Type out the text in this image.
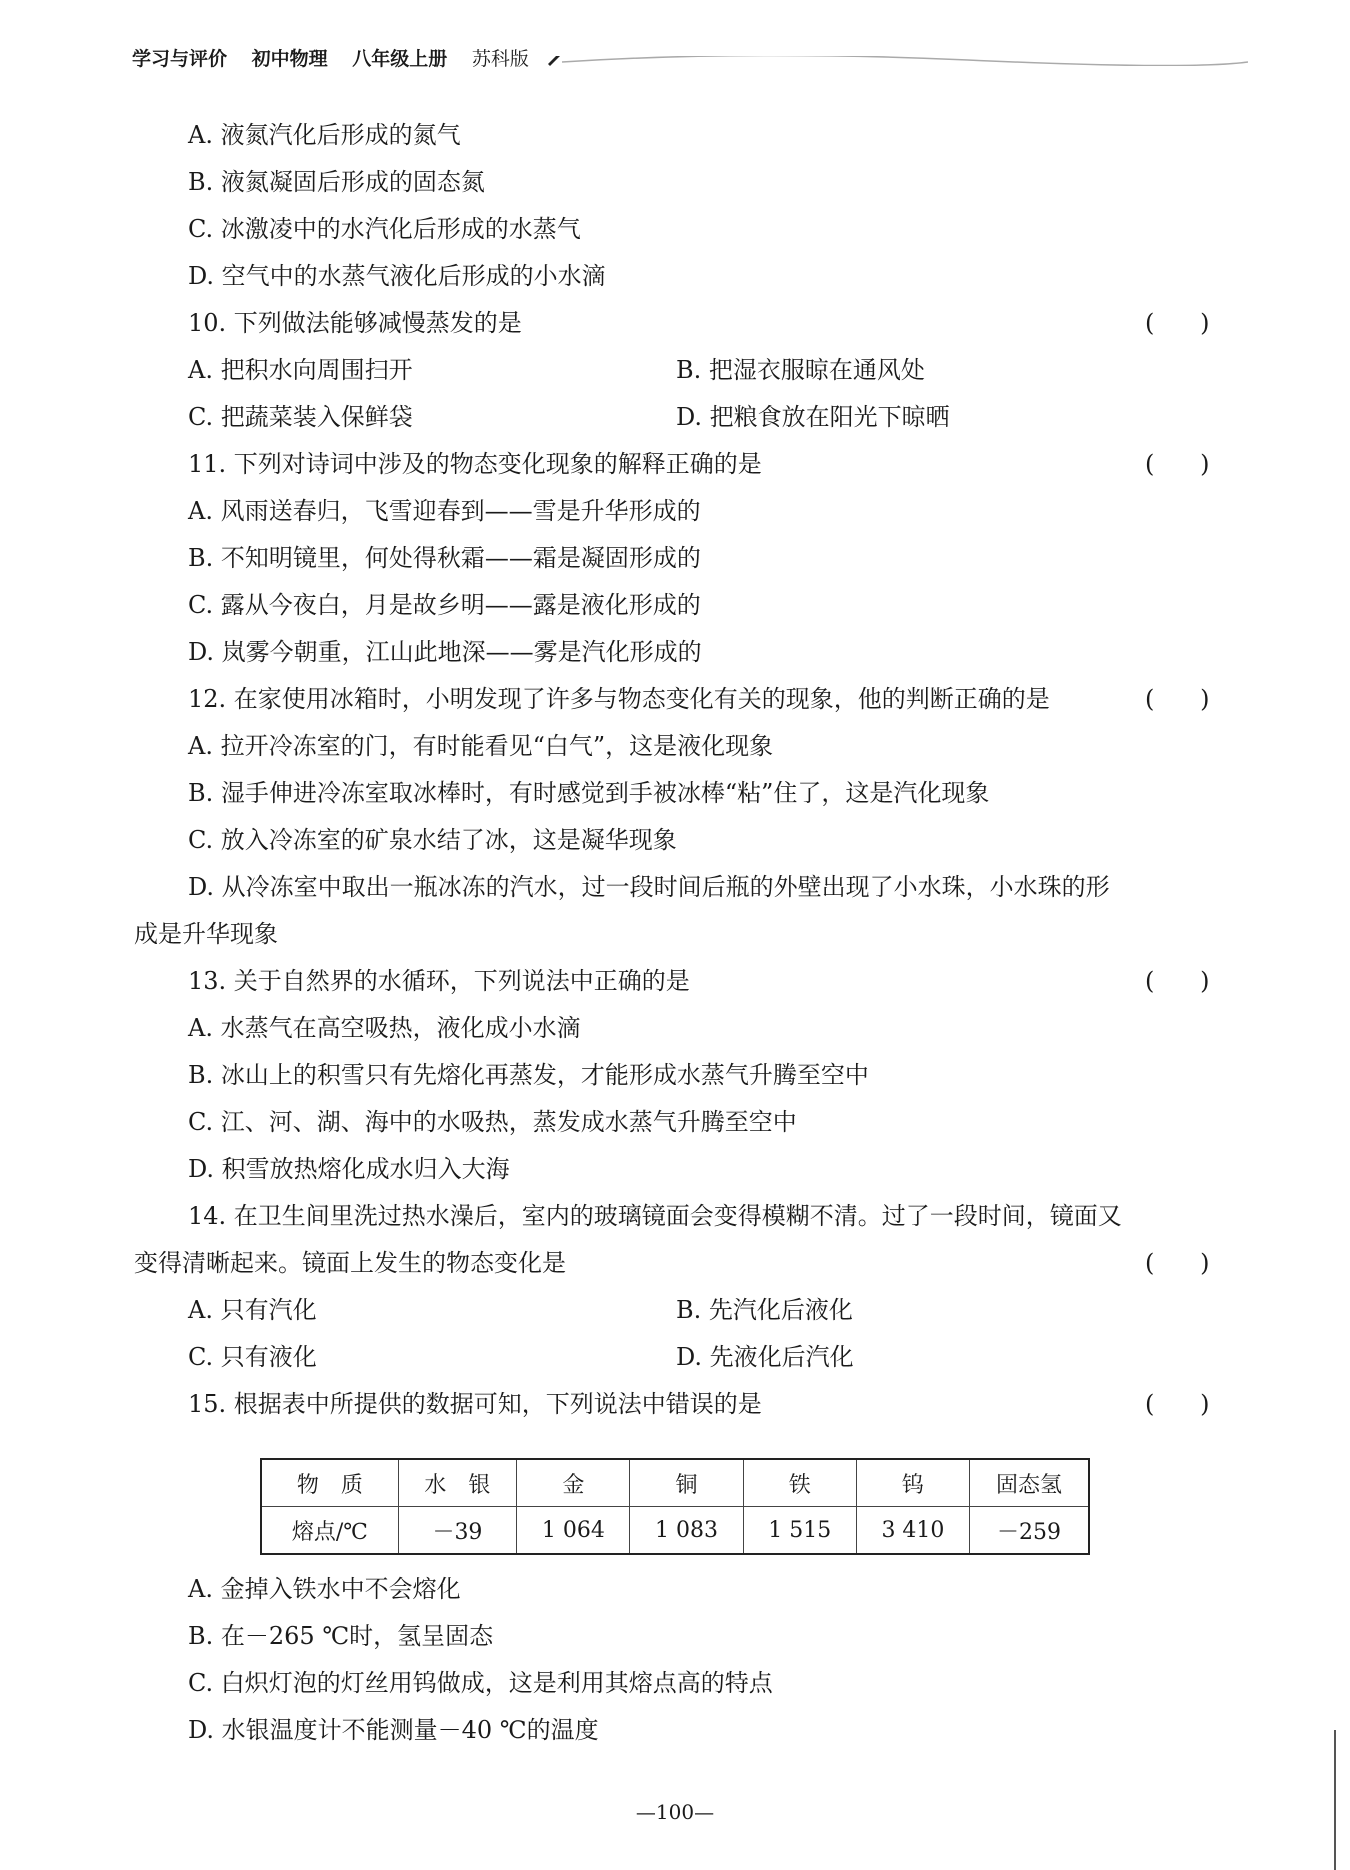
学习与评价 初中物理 八年级上册 苏科版
A. 液氮汽化后形成的氮气
B. 液氮凝固后形成的固态氮
C. 冰激凌中的水汽化后形成的水蒸气
D. 空气中的水蒸气液化后形成的小水滴
10. 下列做法能够减慢蒸发的是	(      )
A. 把积水向周围扫开	B. 把湿衣服晾在通风处
C. 把蔬菜装入保鲜袋	D. 把粮食放在阳光下晾晒
11. 下列对诗词中涉及的物态变化现象的解释正确的是	(      )
A. 风雨送春归，飞雪迎春到——雪是升华形成的
B. 不知明镜里，何处得秋霜——霜是凝固形成的
C. 露从今夜白，月是故乡明——露是液化形成的
D. 岚雾今朝重，江山此地深——雾是汽化形成的
12. 在家使用冰箱时，小明发现了许多与物态变化有关的现象，他的判断正确的是	(      )
A. 拉开冷冻室的门，有时能看见“白气”，这是液化现象
B. 湿手伸进冷冻室取冰棒时，有时感觉到手被冰棒“粘”住了，这是汽化现象
C. 放入冷冻室的矿泉水结了冰，这是凝华现象
D. 从冷冻室中取出一瓶冰冻的汽水，过一段时间后瓶的外壁出现了小水珠，小水珠的形
成是升华现象
13. 关于自然界的水循环，下列说法中正确的是	(      )
A. 水蒸气在高空吸热，液化成小水滴
B. 冰山上的积雪只有先熔化再蒸发，才能形成水蒸气升腾至空中
C. 江、河、湖、海中的水吸热，蒸发成水蒸气升腾至空中
D. 积雪放热熔化成水归入大海
14. 在卫生间里洗过热水澡后，室内的玻璃镜面会变得模糊不清。过了一段时间，镜面又
变得清晰起来。镜面上发生的物态变化是	(      )
A. 只有汽化	B. 先汽化后液化
C. 只有液化	D. 先液化后汽化
15. 根据表中所提供的数据可知，下列说法中错误的是	(      )
A. 金掉入铁水中不会熔化
B. 在－265 ℃时，氢呈固态
C. 白炽灯泡的灯丝用钨做成，这是利用其熔点高的特点
D. 水银温度计不能测量－40 ℃的温度
物　质	水　银	金	铜	铁	钨	固态氢
熔点/℃	－39	1 064	1 083	1 515	3 410	－259
—100—
